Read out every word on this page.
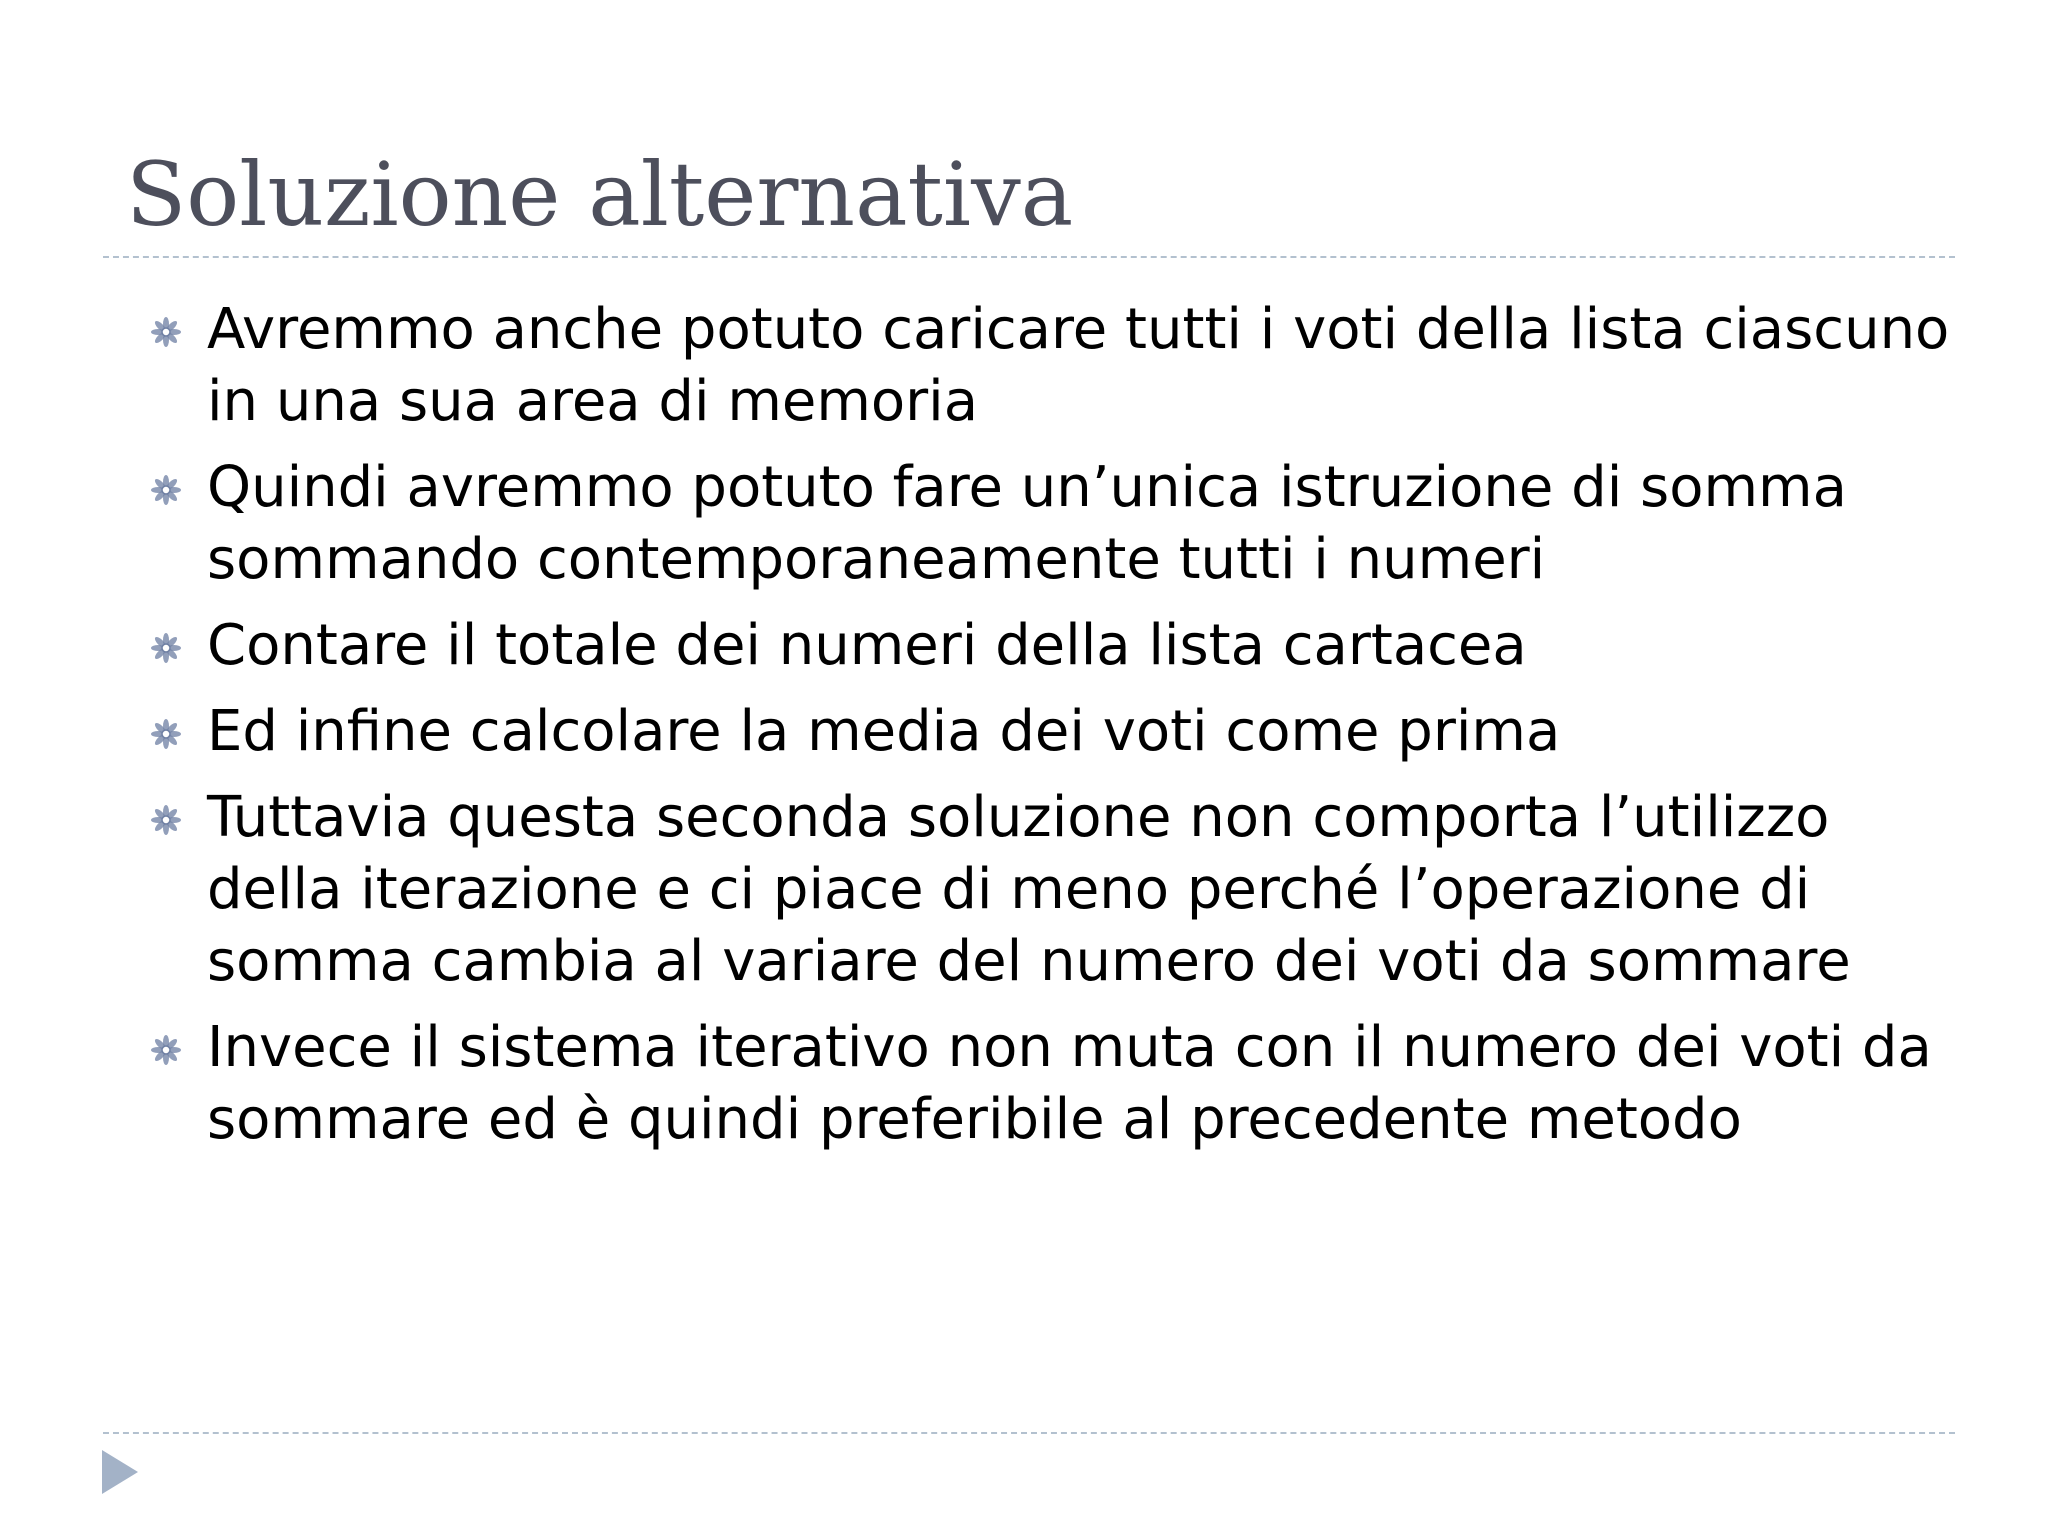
Soluzione alternativa
Avremmo anche potuto caricare tutti i voti della lista ciascuno in una sua area di memoria
Quindi avremmo potuto fare un’unica istruzione di somma sommando contemporaneamente tutti i numeri
Contare il totale dei numeri della lista cartacea
Ed infine calcolare la media dei voti come prima
Tuttavia questa seconda soluzione non comporta l’utilizzo della iterazione e ci piace di meno perché l’operazione di somma cambia al variare del numero dei voti da sommare
Invece il sistema iterativo non muta con il numero dei voti da sommare ed è quindi preferibile al precedente metodo
